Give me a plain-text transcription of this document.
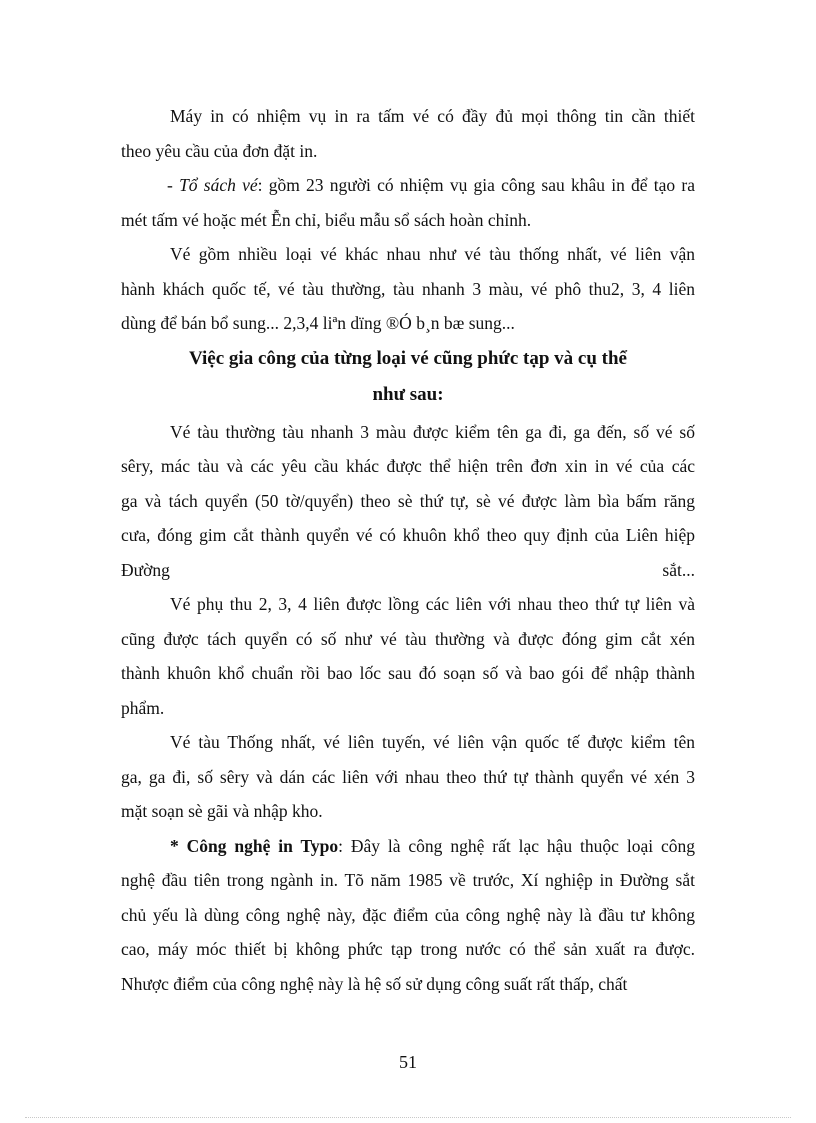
Máy in có nhiệm vụ in ra tấm vé có đầy đủ mọi thông tin cần thiết
theo yêu cầu của đơn đặt in.
- Tổ sách vé: gồm 23 người có nhiệm vụ gia công sau khâu in để tạo ra
mét tấm vé hoặc mét Ễn chỉ, biểu mẫu sổ sách hoàn chỉnh.
Vé gồm nhiều loại vé khác nhau như vé tàu thống nhất, vé liên vận
hành khách quốc tế, vé tàu thường, tàu nhanh 3 màu, vé phô thu2, 3, 4 liên
dùng để bán bổ sung... 2,3,4 liªn dïng ®Ó b¸n bæ sung...
Việc gia công của từng loại vé cũng phức tạp và cụ thể
như sau:
Vé tàu thường tàu nhanh 3 màu được kiểm tên ga đi, ga đến, số vé số
sêry, mác tàu và các yêu cầu khác được thể hiện trên đơn xin in vé của các
ga và tách quyển (50 tờ/quyển) theo sè thứ tự, sè vé được làm bìa bấm răng
cưa, đóng gim cắt thành quyển vé có khuôn khổ theo quy định của Liên hiệp
Đường	sắt...
Vé phụ thu 2, 3, 4 liên được lồng các liên với nhau theo thứ tự liên và
cũng được tách quyển có số như vé tàu thường và được đóng gim cắt xén
thành khuôn khổ chuẩn rồi bao lốc sau đó soạn số và bao gói để nhập thành
phẩm.
Vé tàu Thống nhất, vé liên tuyến, vé liên vận quốc tế được kiểm tên
ga, ga đi, số sêry và dán các liên với nhau theo thứ tự thành quyển vé xén 3
mặt soạn sè gãi và nhập kho.
* Công nghệ in Typo: Đây là công nghệ rất lạc hậu thuộc loại công
nghệ đầu tiên trong ngành in. Tõ năm 1985 về trước, Xí nghiệp in Đường sắt
chủ yếu là dùng công nghệ này, đặc điểm của công nghệ này là đầu tư không
cao, máy móc thiết bị không phức tạp trong nước có thể sản xuất ra được.
Nhược điểm của công nghệ này là hệ số sử dụng công suất rất thấp, chất
51
